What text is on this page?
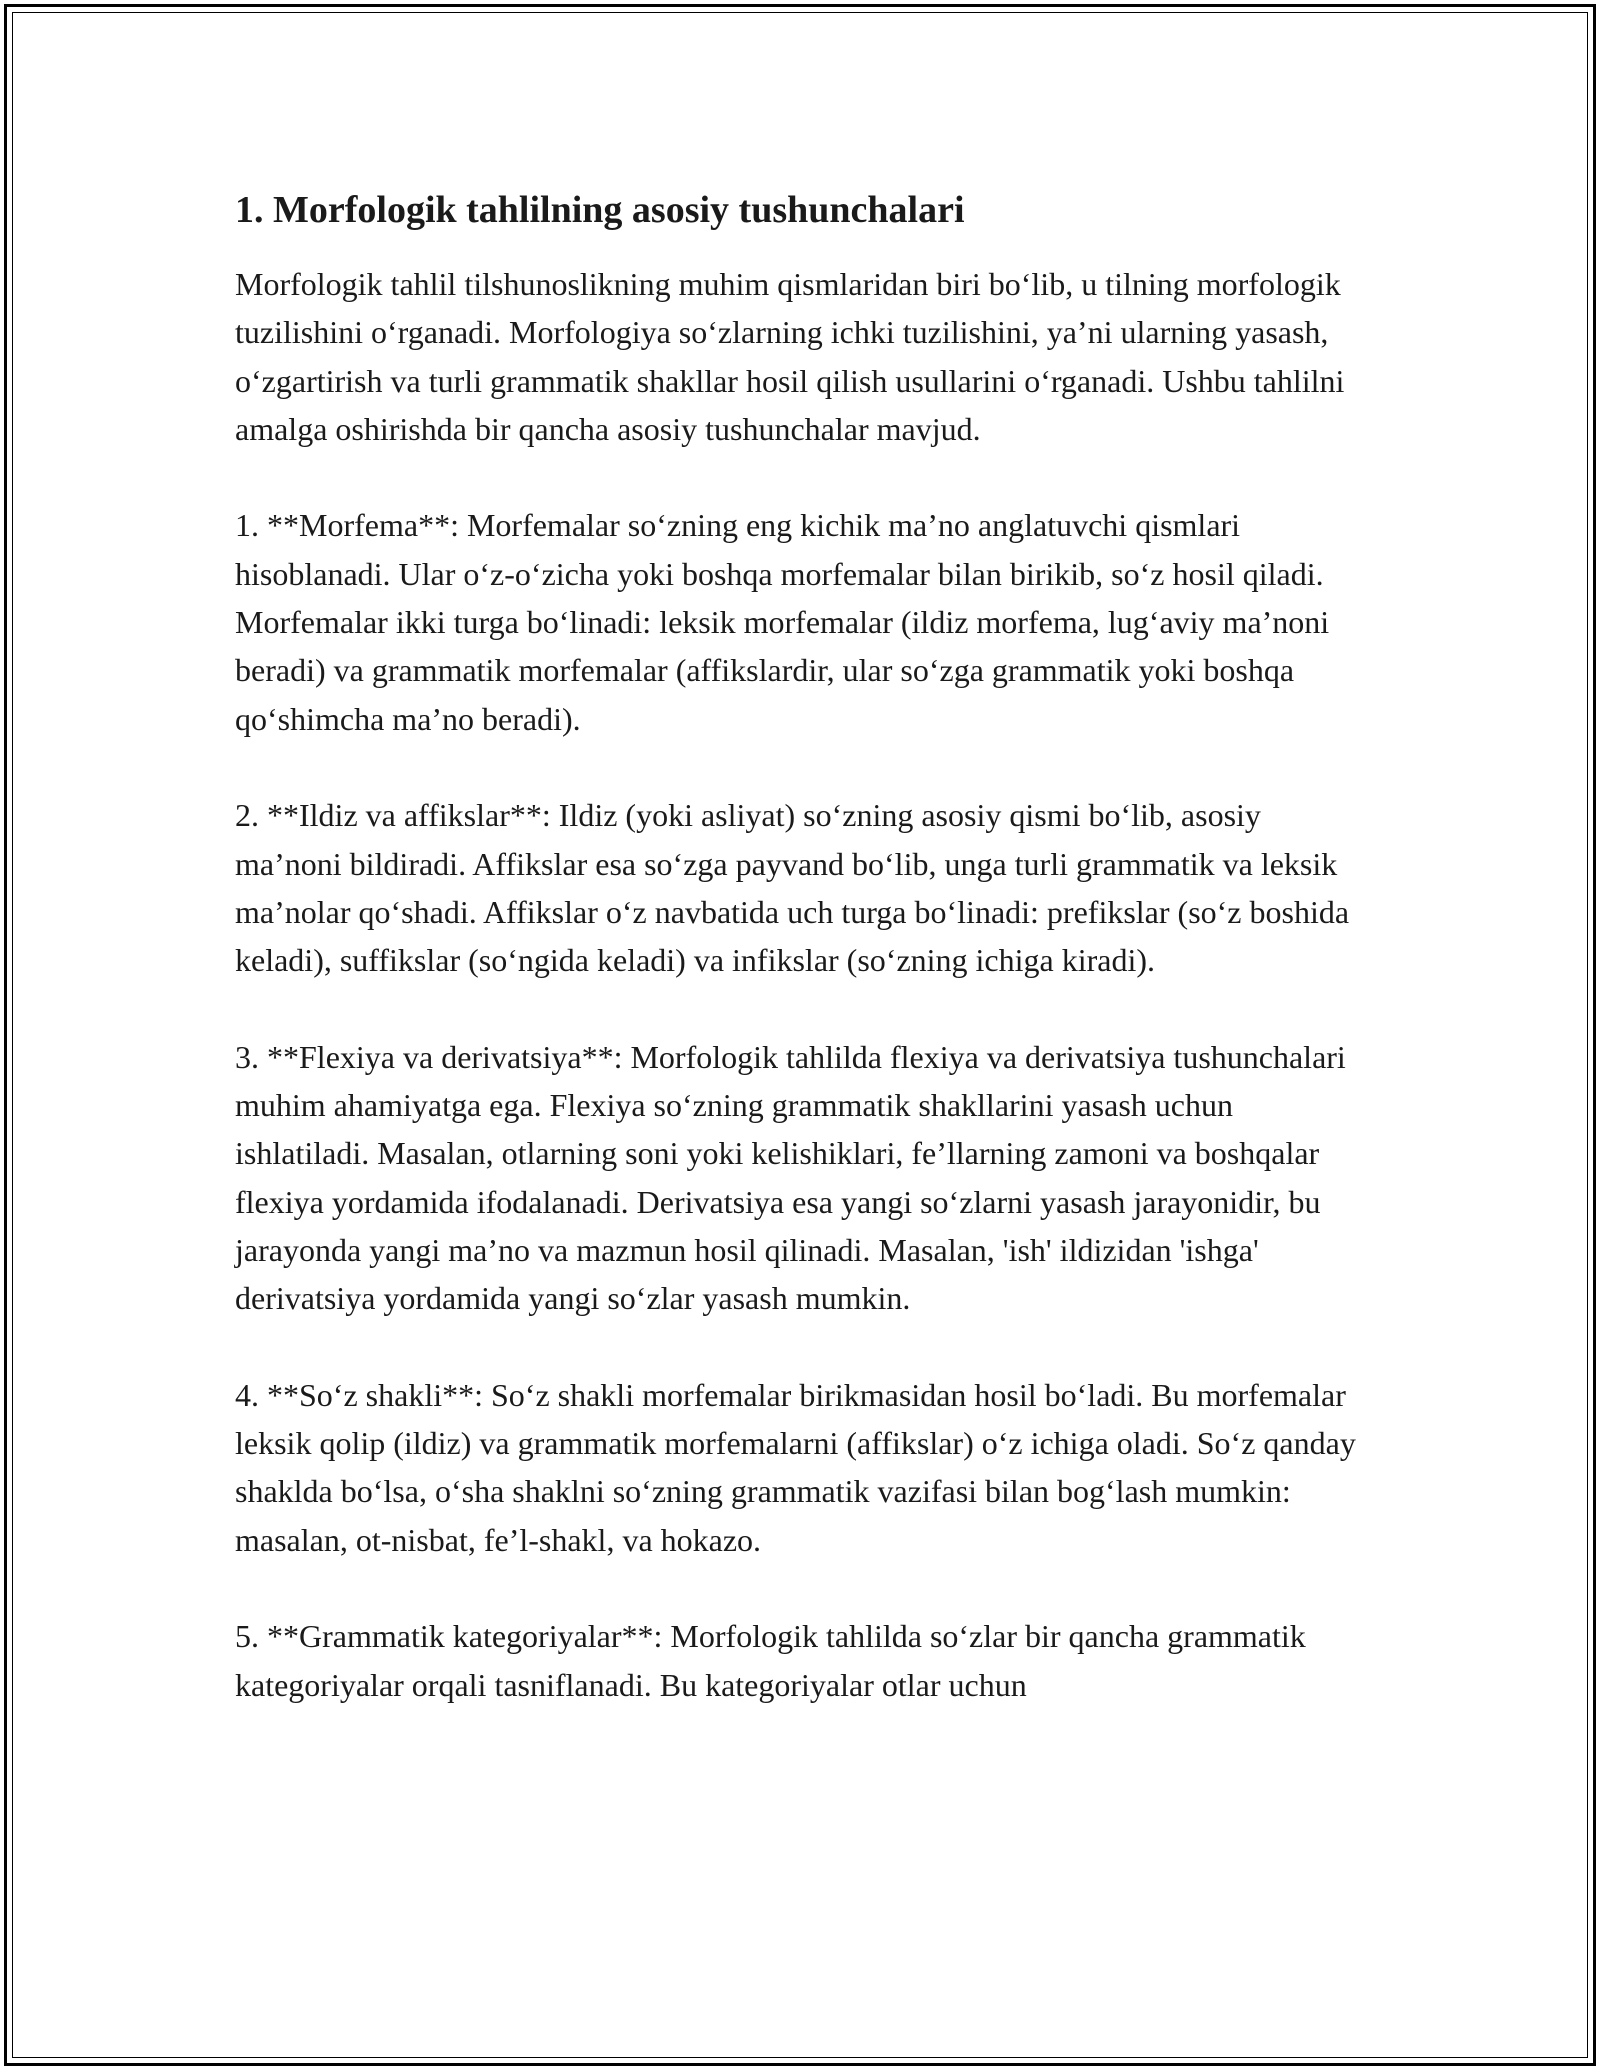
1. Morfologik tahlilning asosiy tushunchalari

Morfologik tahlil tilshunoslikning muhim qismlaridan biri bo‘lib, u tilning morfologik tuzilishini o‘rganadi. Morfologiya so‘zlarning ichki tuzilishini, ya’ni ularning yasash, o‘zgartirish va turli grammatik shakllar hosil qilish usullarini o‘rganadi. Ushbu tahlilni amalga oshirishda bir qancha asosiy tushunchalar mavjud.

1. **Morfema**: Morfemalar so‘zning eng kichik ma’no anglatuvchi qismlari hisoblanadi. Ular o‘z-o‘zicha yoki boshqa morfemalar bilan birikib, so‘z hosil qiladi. Morfemalar ikki turga bo‘linadi: leksik morfemalar (ildiz morfema, lug‘aviy ma’noni beradi) va grammatik morfemalar (affikslardir, ular so‘zga grammatik yoki boshqa qo‘shimcha ma’no beradi).

2. **Ildiz va affikslar**: Ildiz (yoki asliyat) so‘zning asosiy qismi bo‘lib, asosiy ma’noni bildiradi. Affikslar esa so‘zga payvand bo‘lib, unga turli grammatik va leksik ma’nolar qo‘shadi. Affikslar o‘z navbatida uch turga bo‘linadi: prefikslar (so‘z boshida keladi), suffikslar (so‘ngida keladi) va infikslar (so‘zning ichiga kiradi).

3. **Flexiya va derivatsiya**: Morfologik tahlilda flexiya va derivatsiya tushunchalari muhim ahamiyatga ega. Flexiya so‘zning grammatik shakllarini yasash uchun ishlatiladi. Masalan, otlarning soni yoki kelishiklari, fe’llarning zamoni va boshqalar flexiya yordamida ifodalanadi. Derivatsiya esa yangi so‘zlarni yasash jarayonidir, bu jarayonda yangi ma’no va mazmun hosil qilinadi. Masalan, 'ish' ildizidan 'ishga' derivatsiya yordamida yangi so‘zlar yasash mumkin.

4. **So‘z shakli**: So‘z shakli morfemalar birikmasidan hosil bo‘ladi. Bu morfemalar leksik qolip (ildiz) va grammatik morfemalarni (affikslar) o‘z ichiga oladi. So‘z qanday shaklda bo‘lsa, o‘sha shaklni so‘zning grammatik vazifasi bilan bog‘lash mumkin: masalan, ot-nisbat, fe’l-shakl, va hokazo.

5. **Grammatik kategoriyalar**: Morfologik tahlilda so‘zlar bir qancha grammatik kategoriyalar orqali tasniflanadi. Bu kategoriyalar otlar uchun
